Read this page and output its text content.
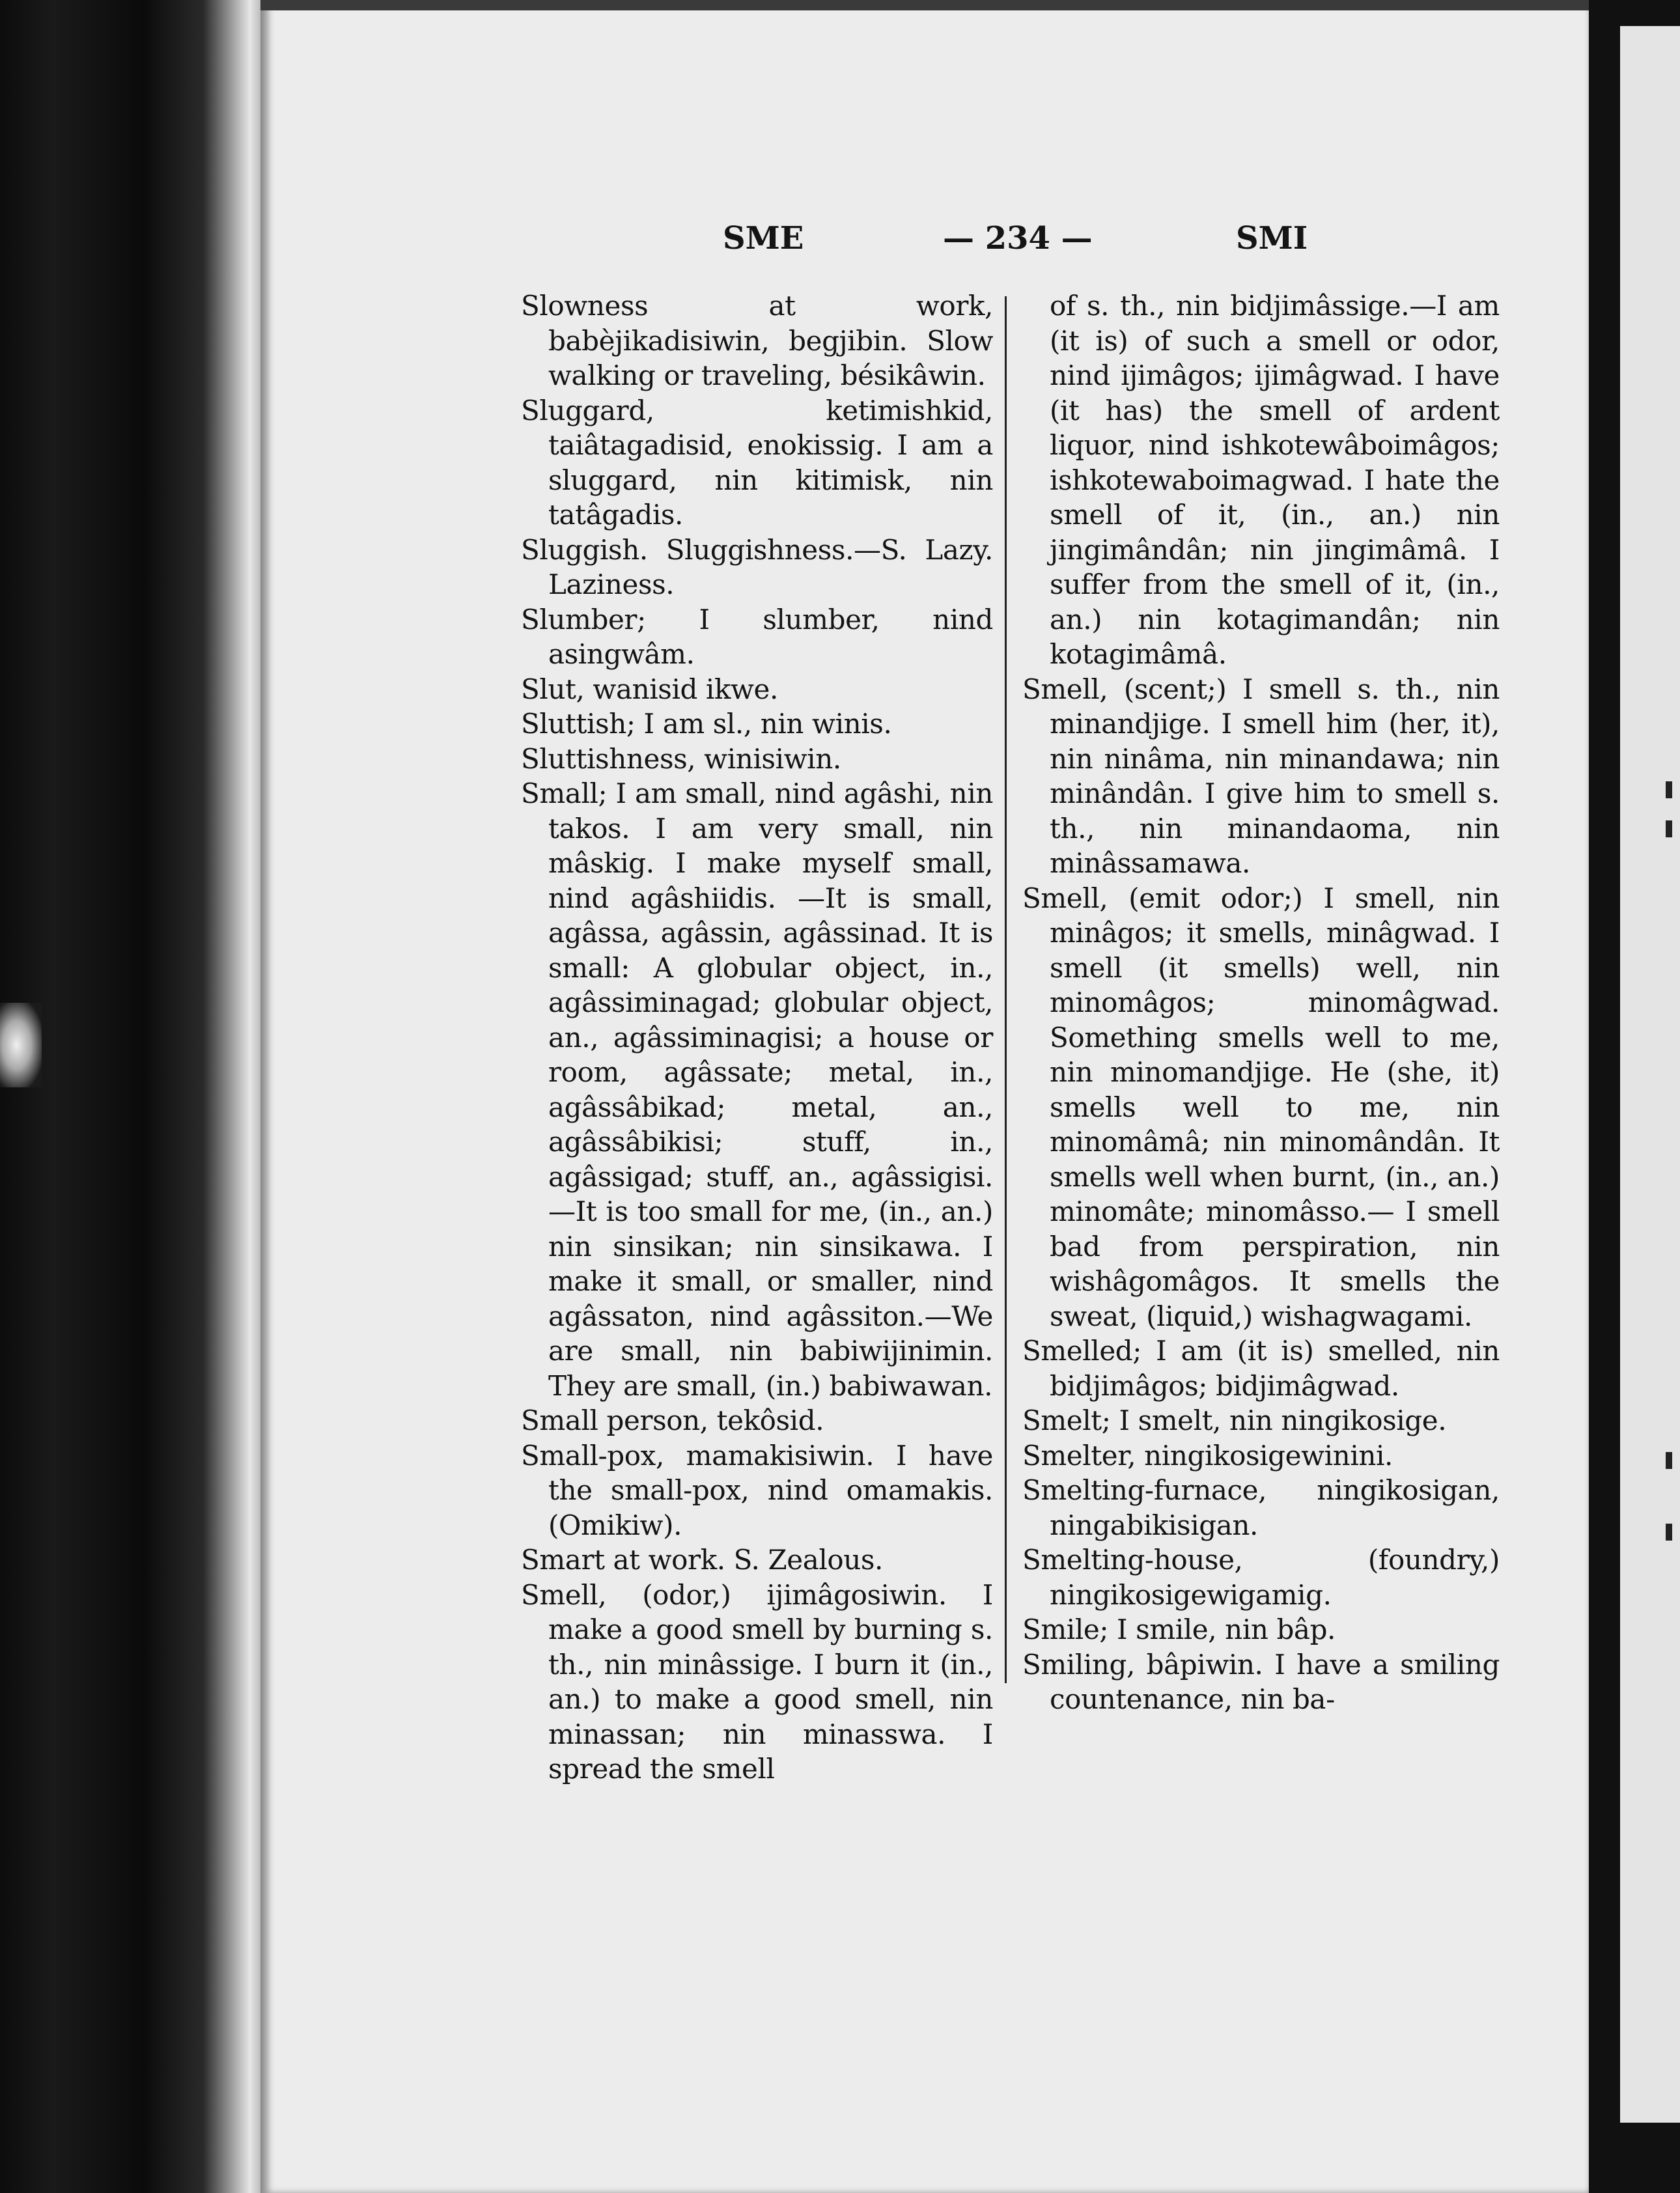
SME	— 234 —	SMI

Slowness at work, babèjikadisiwin, begjibin. Slow walking or traveling, bésikâwin.

Sluggard, ketimishkid, taiâtagadisid, enokissig. I am a sluggard, nin kitimisk, nin tatâgadis.

Sluggish. Sluggishness.—S. Lazy. Laziness.

Slumber; I slumber, nind asingwâm.

Slut, wanisid ikwe.

Sluttish; I am sl., nin winis.

Sluttishness, winisiwin.

Small; I am small, nind agâshi, nin takos. I am very small, nin mâskig. I make myself small, nind agâshiidis. —It is small, agâssa, agâssin, agâssinad. It is small: A globular object, in., agâssiminagad; globular object, an., agâssiminagisi; a house or room, agâssate; metal, in., agâssâbikad; metal, an., agâssâbikisi; stuff, in., agâssigad; stuff, an., agâssigisi. —It is too small for me, (in., an.) nin sinsikan; nin sinsikawa. I make it small, or smaller, nind agâssaton, nind agâssiton.—We are small, nin babiwijinimin. They are small, (in.) babiwawan.

Small person, tekôsid.

Small-pox, mamakisiwin. I have the small-pox, nind omamakis. (Omikiw).

Smart at work. S. Zealous.

Smell, (odor,) ijimâgosiwin. I make a good smell by burning s. th., nin minâssige. I burn it (in., an.) to make a good smell, nin minassan; nin minasswa. I spread the smell

of s. th., nin bidjimâssige.—I am (it is) of such a smell or odor, nind ijimâgos; ijimâgwad. I have (it has) the smell of ardent liquor, nind ishkotewâboimâgos; ishkotewaboimagwad. I hate the smell of it, (in., an.) nin jingimândân; nin jingimâmâ. I suffer from the smell of it, (in., an.) nin kotagimandân; nin kotagimâmâ.

Smell, (scent;) I smell s. th., nin minandjige. I smell him (her, it), nin ninâma, nin minandawa; nin minândân. I give him to smell s. th., nin minandaoma, nin minâssamawa.

Smell, (emit odor;) I smell, nin minâgos; it smells, minâgwad. I smell (it smells) well, nin minomâgos; minomâgwad. Something smells well to me, nin minomandjige. He (she, it) smells well to me, nin minomâmâ; nin minomândân. It smells well when burnt, (in., an.) minomâte; minomâsso.— I smell bad from perspiration, nin wishâgomâgos. It smells the sweat, (liquid,) wishagwagami.

Smelled; I am (it is) smelled, nin bidjimâgos; bidjimâgwad.

Smelt; I smelt, nin ningikosige.

Smelter, ningikosigewinini.

Smelting-furnace, ningikosigan, ningabikisigan.

Smelting-house, (foundry,) ningikosigewigamig.

Smile; I smile, nin bâp.

Smiling, bâpiwin. I have a smiling countenance, nin ba-
